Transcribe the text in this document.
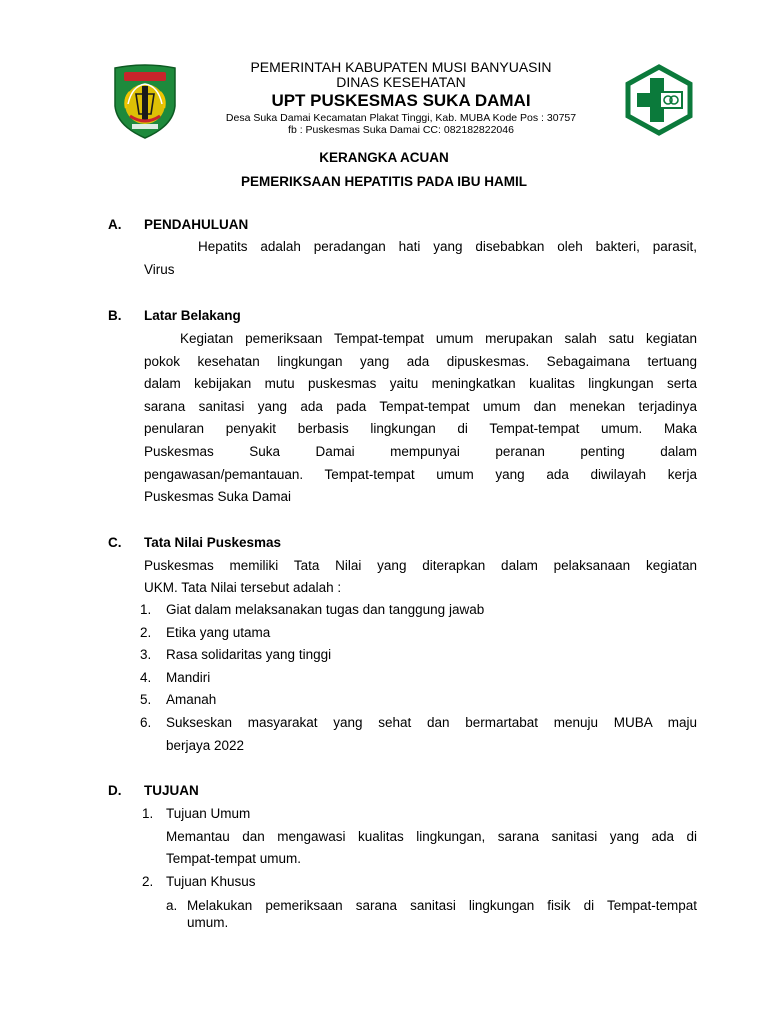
PEMERINTAH KABUPATEN MUSI BANYUASIN
DINAS KESEHATAN
UPT PUSKESMAS SUKA DAMAI
Desa Suka Damai Kecamatan Plakat Tinggi, Kab. MUBA Kode Pos : 30757
fb : Puskesmas Suka Damai CC: 082182822046
KERANGKA ACUAN
PEMERIKSAAN HEPATITIS PADA IBU HAMIL
A. PENDAHULUAN
Hepatits adalah peradangan hati yang disebabkan oleh bakteri, parasit,
Virus
B. Latar Belakang
Kegiatan pemeriksaan Tempat-tempat umum merupakan salah satu kegiatan
pokok kesehatan lingkungan yang ada dipuskesmas. Sebagaimana tertuang
dalam kebijakan mutu puskesmas yaitu meningkatkan kualitas lingkungan serta
sarana sanitasi yang ada pada Tempat-tempat umum dan menekan terjadinya
penularan penyakit berbasis lingkungan di Tempat-tempat umum. Maka
Puskesmas Suka Damai mempunyai peranan penting dalam
pengawasan/pemantauan. Tempat-tempat umum yang ada diwilayah kerja
Puskesmas Suka Damai
C. Tata Nilai Puskesmas
Puskesmas memiliki Tata Nilai yang diterapkan dalam pelaksanaan kegiatan
UKM. Tata Nilai tersebut adalah :
1.	Giat dalam melaksanakan tugas dan tanggung jawab
2.	Etika yang utama
3.	Rasa solidaritas yang tinggi
4.	Mandiri
5.	Amanah
6.	Sukseskan masyarakat yang sehat dan bermartabat menuju MUBA maju
berjaya 2022
D. TUJUAN
1. Tujuan Umum
Memantau dan mengawasi kualitas lingkungan, sarana sanitasi yang ada di
Tempat-tempat umum.
2. Tujuan Khusus
a. Melakukan pemeriksaan sarana sanitasi lingkungan fisik di Tempat-tempat
umum.
